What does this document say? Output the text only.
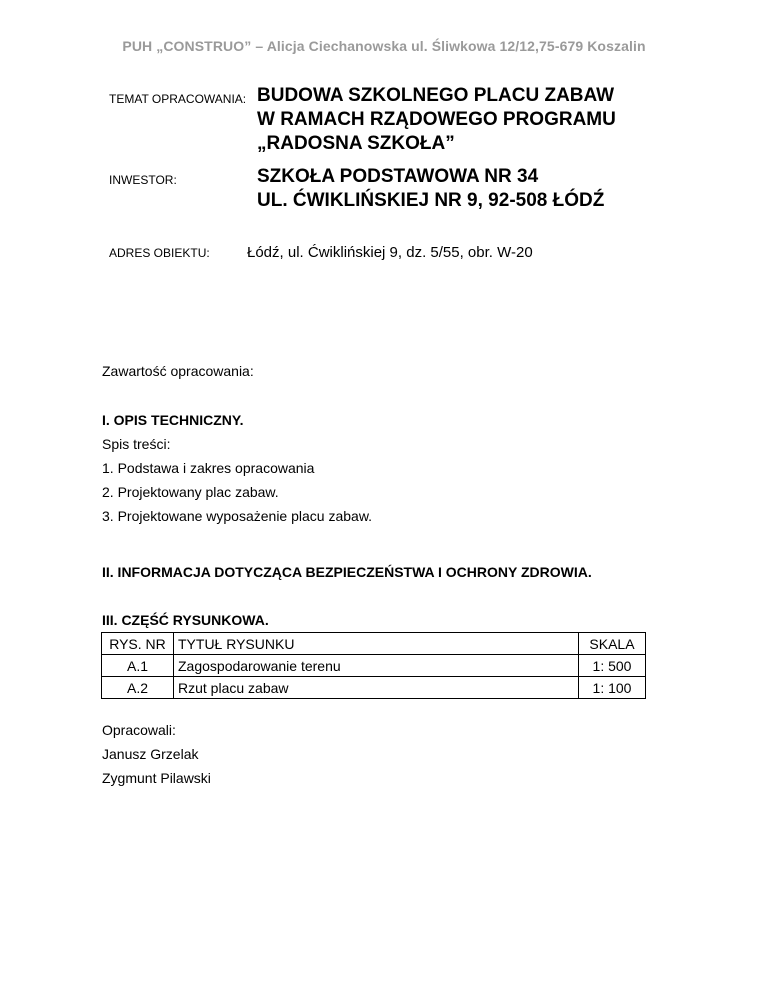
PUH „CONSTRUO” – Alicja Ciechanowska ul. Śliwkowa 12/12,75-679 Koszalin
TEMAT OPRACOWANIA: BUDOWA SZKOLNEGO PLACU ZABAW
W RAMACH RZĄDOWEGO PROGRAMU
„RADOSNA SZKOŁA”
INWESTOR:	SZKOŁA PODSTAWOWA NR 34
UL. ĆWIKLIŃSKIEJ NR 9, 92-508 ŁÓDŹ
ADRES OBIEKTU: Łódź, ul. Ćwiklińskiej 9, dz. 5/55, obr. W-20
Zawartość opracowania:
I. OPIS TECHNICZNY.
Spis treści:
1. Podstawa i zakres opracowania
2. Projektowany plac zabaw.
3. Projektowane wyposażenie placu zabaw.
II. INFORMACJA DOTYCZĄCA BEZPIECZEŃSTWA I OCHRONY ZDROWIA.
III. CZĘŚĆ RYSUNKOWA.
RYS. NR	TYTUŁ RYSUNKU	SKALA
A.1	Zagospodarowanie terenu	1: 500
A.2	Rzut placu zabaw	1: 100
Opracowali:
Janusz Grzelak
Zygmunt Pilawski
